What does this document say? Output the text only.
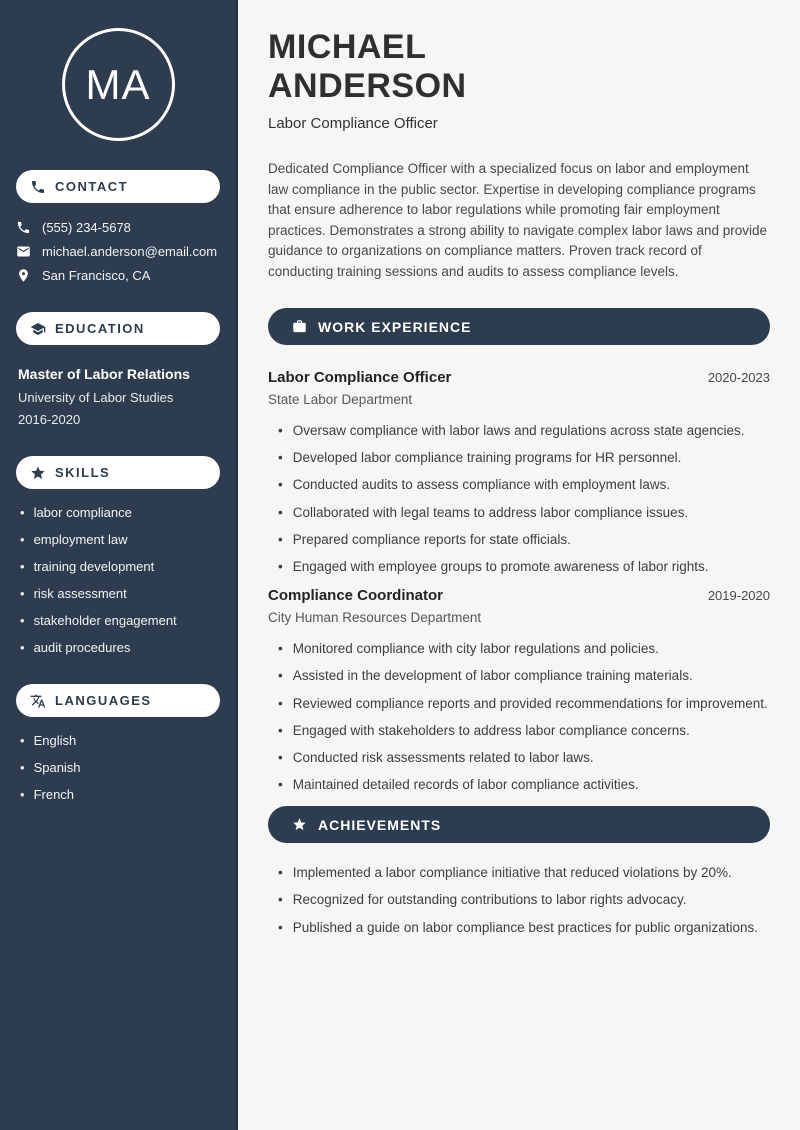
MA
CONTACT
(555) 234-5678
michael.anderson@email.com
San Francisco, CA
EDUCATION
Master of Labor Relations
University of Labor Studies
2016-2020
SKILLS
• labor compliance
• employment law
• training development
• risk assessment
• stakeholder engagement
• audit procedures
LANGUAGES
• English
• Spanish
• French
MICHAEL
ANDERSON
Labor Compliance Officer

Dedicated Compliance Officer with a specialized focus on labor and employment law compliance in the public sector. Expertise in developing compliance programs that ensure adherence to labor regulations while promoting fair employment practices. Demonstrates a strong ability to navigate complex labor laws and provide guidance to organizations on compliance matters. Proven track record of conducting training sessions and audits to assess compliance levels.

WORK EXPERIENCE
Labor Compliance Officer	2020-2023
State Labor Department
• Oversaw compliance with labor laws and regulations across state agencies.
• Developed labor compliance training programs for HR personnel.
• Conducted audits to assess compliance with employment laws.
• Collaborated with legal teams to address labor compliance issues.
• Prepared compliance reports for state officials.
• Engaged with employee groups to promote awareness of labor rights.
Compliance Coordinator	2019-2020
City Human Resources Department
• Monitored compliance with city labor regulations and policies.
• Assisted in the development of labor compliance training materials.
• Reviewed compliance reports and provided recommendations for improvement.
• Engaged with stakeholders to address labor compliance concerns.
• Conducted risk assessments related to labor laws.
• Maintained detailed records of labor compliance activities.
ACHIEVEMENTS
• Implemented a labor compliance initiative that reduced violations by 20%.
• Recognized for outstanding contributions to labor rights advocacy.
• Published a guide on labor compliance best practices for public organizations.
